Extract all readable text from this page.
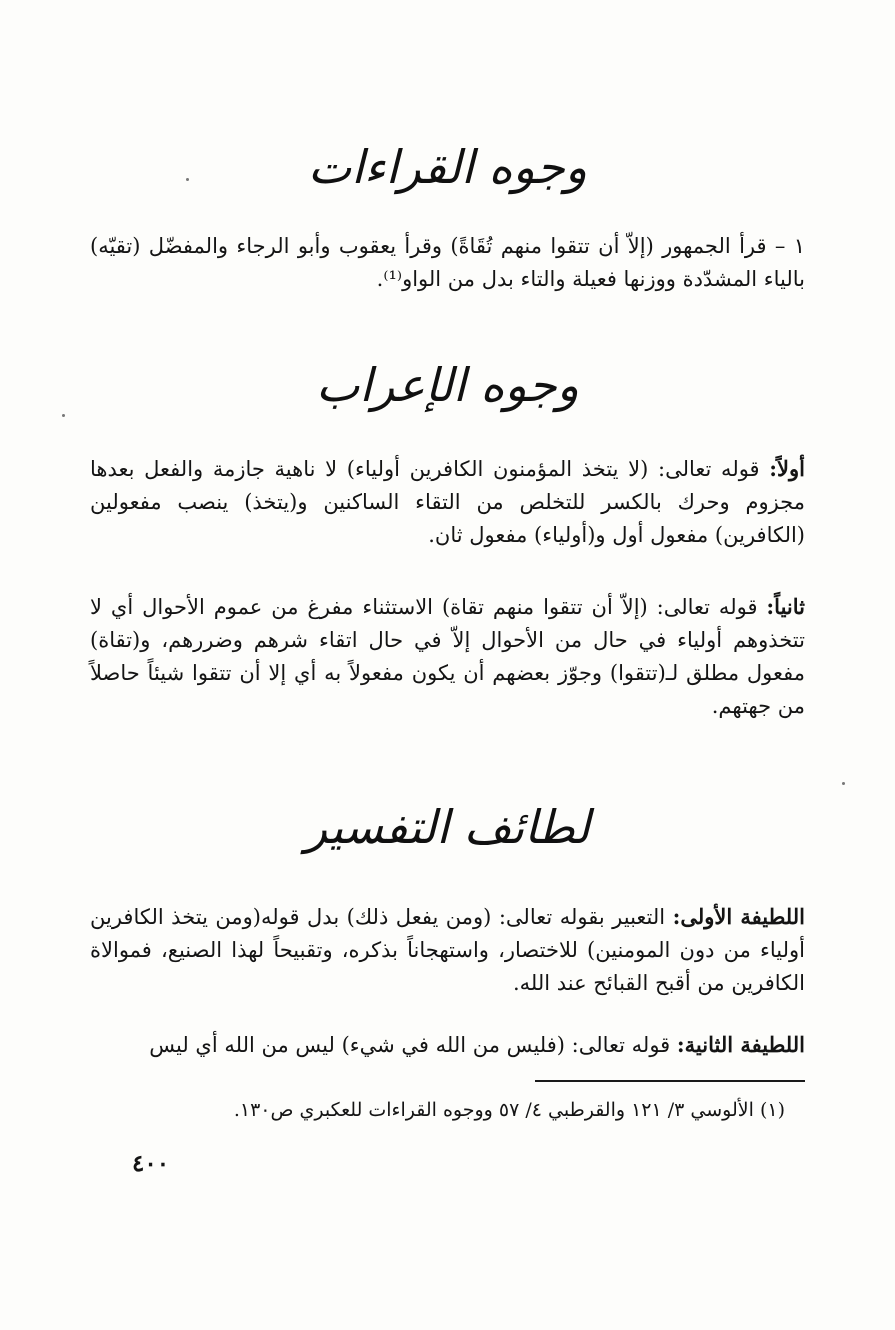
وجوه القراءات
١ – قرأ الجمهور (إلاّ أن تتقوا منهم تُقَاةً) وقرأ يعقوب وأبو الرجاء والمفضّل (تقيّه) بالياء المشدّدة ووزنها فعيلة والتاء بدل من الواو⁽¹⁾.
وجوه الإعراب
أولاً: قوله تعالى: (لا يتخذ المؤمنون الكافرين أولياء) لا ناهية جازمة والفعل بعدها مجزوم وحرك بالكسر للتخلص من التقاء الساكنين و(يتخذ) ينصب مفعولين (الكافرين) مفعول أول و(أولياء) مفعول ثان.
ثانياً: قوله تعالى: (إلاّ أن تتقوا منهم تقاة) الاستثناء مفرغ من عموم الأحوال أي لا تتخذوهم أولياء في حال من الأحوال إلاّ في حال اتقاء شرهم وضررهم، و(تقاة) مفعول مطلق لـ(تتقوا) وجوّز بعضهم أن يكون مفعولاً به أي إلا أن تتقوا شيئاً حاصلاً من جهتهم.
لطائف التفسير
اللطيفة الأولى: التعبير بقوله تعالى: (ومن يفعل ذلك) بدل قوله(ومن يتخذ الكافرين أولياء من دون المومنين) للاختصار، واستهجاناً بذكره، وتقبيحاً لهذا الصنيع، فموالاة الكافرين من أقبح القبائح عند الله.
اللطيفة الثانية: قوله تعالى: (فليس من الله في شيء) ليس من الله أي ليس
(١) الألوسي ٣/ ١٢١ والقرطبي ٤/ ٥٧ ووجوه القراءات للعكبري ص١٣٠.
٤٠٠
